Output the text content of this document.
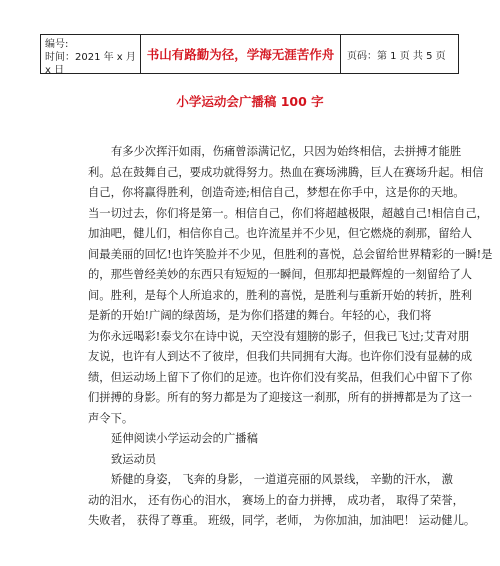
编号:
时间：2021 年 x 月 x 日
书山有路勤为径，学海无涯苦作舟	页码：第 1 页 共 5 页
小学运动会广播稿 100 字
有多少次挥汗如雨，伤痛曾添满记忆，只因为始终相信，去拼搏才能胜
利。总在鼓舞自己，要成功就得努力。热血在赛场沸腾，巨人在赛场升起。相信
自己，你将赢得胜利，创造奇迹;相信自己，梦想在你手中，这是你的天地。
当一切过去，你们将是第一。相信自己，你们将超越极限，超越自己!相信自己，
加油吧，健儿们，相信你自己。也许流星并不少见，但它燃烧的刹那，留给人
间最美丽的回忆!也许笑脸并不少见，但胜利的喜悦，总会留给世界精彩的一瞬!是
的，那些曾经美妙的东西只有短短的一瞬间，但那却把最辉煌的一刻留给了人
间。胜利，是每个人所追求的，胜利的喜悦，是胜利与重新开始的转折，胜利
是新的开始!广阔的绿茵场，是为你们搭建的舞台。年轻的心，我们将
为你永远喝彩!泰戈尔在诗中说，天空没有翅膀的影子，但我已飞过;艾青对朋
友说，也许有人到达不了彼岸，但我们共同拥有大海。也许你们没有显赫的成
绩，但运动场上留下了你们的足迹。也许你们没有奖品，但我们心中留下了你
们拼搏的身影。所有的努力都是为了迎接这一刹那，所有的拼搏都是为了这一
声令下。
延伸阅读小学运动会的广播稿
致运动员
矫健的身姿， 飞奔的身影， 一道道亮丽的风景线， 辛勤的汗水， 激
动的泪水， 还有伤心的泪水， 赛场上的奋力拼搏， 成功者， 取得了荣誉，
失败者， 获得了尊重。 班级，同学，老师， 为你加油，加油吧！ 运动健儿。
